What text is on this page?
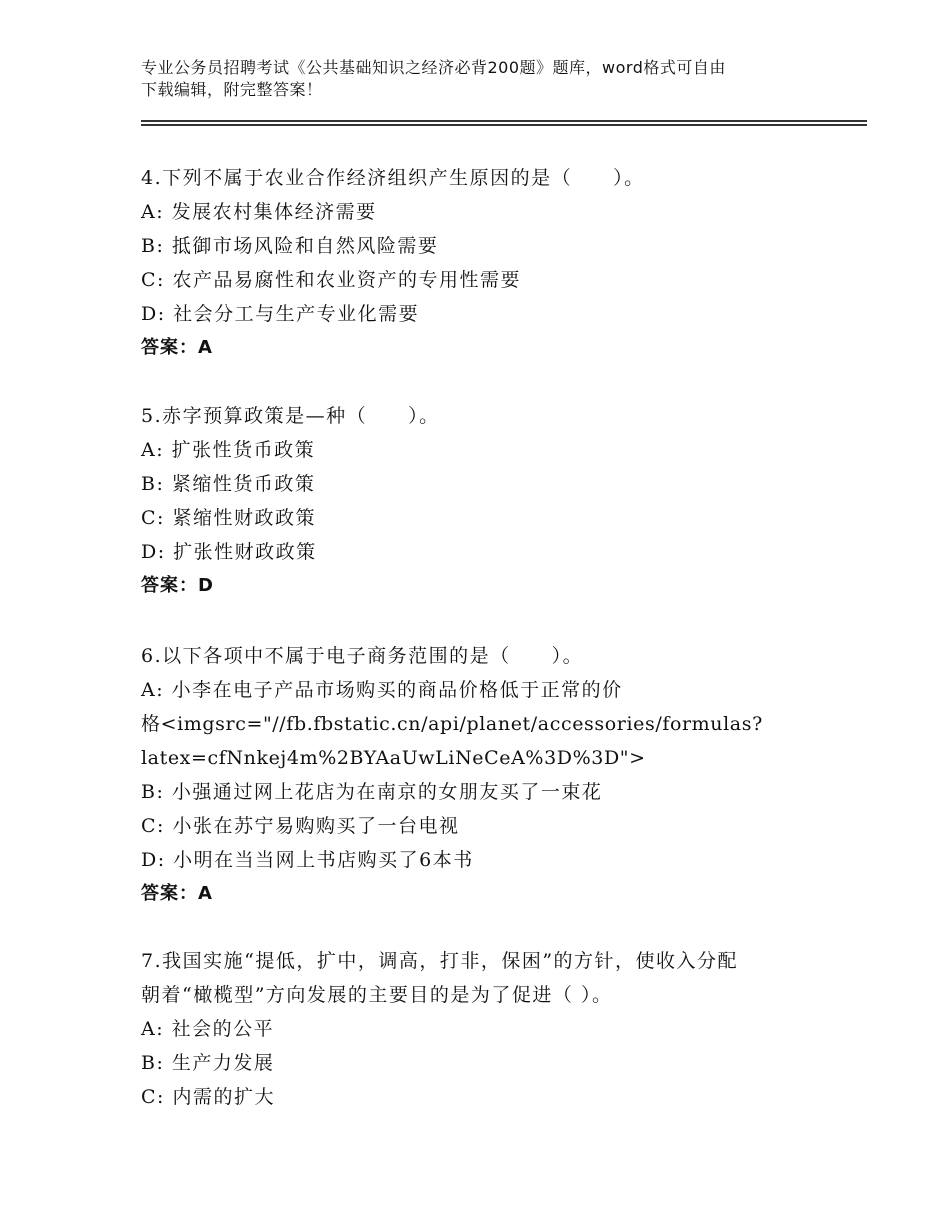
专业公务员招聘考试《公共基础知识之经济必背200题》题库，word格式可自由
下载编辑，附完整答案！
4.下列不属于农业合作经济组织产生原因的是（　　）。
A: 发展农村集体经济需要
B: 抵御市场风险和自然风险需要
C: 农产品易腐性和农业资产的专用性需要
D: 社会分工与生产专业化需要
答案：A
5.赤字预算政策是—种（　　）。
A: 扩张性货币政策
B: 紧缩性货币政策
C: 紧缩性财政政策
D: 扩张性财政政策
答案：D
6.以下各项中不属于电子商务范围的是（　　）。
A: 小李在电子产品市场购买的商品价格低于正常的价
格<imgsrc="//fb.fbstatic.cn/api/planet/accessories/formulas?
latex=cfNnkej4m%2BYAaUwLiNeCeA%3D%3D">
B: 小强通过网上花店为在南京的女朋友买了一束花
C: 小张在苏宁易购购买了一台电视
D: 小明在当当网上书店购买了6本书
答案：A
7.我国实施“提低，扩中，调高，打非，保困”的方针，使收入分配
朝着“橄榄型”方向发展的主要目的是为了促进（ ）。
A: 社会的公平
B: 生产力发展
C: 内需的扩大
